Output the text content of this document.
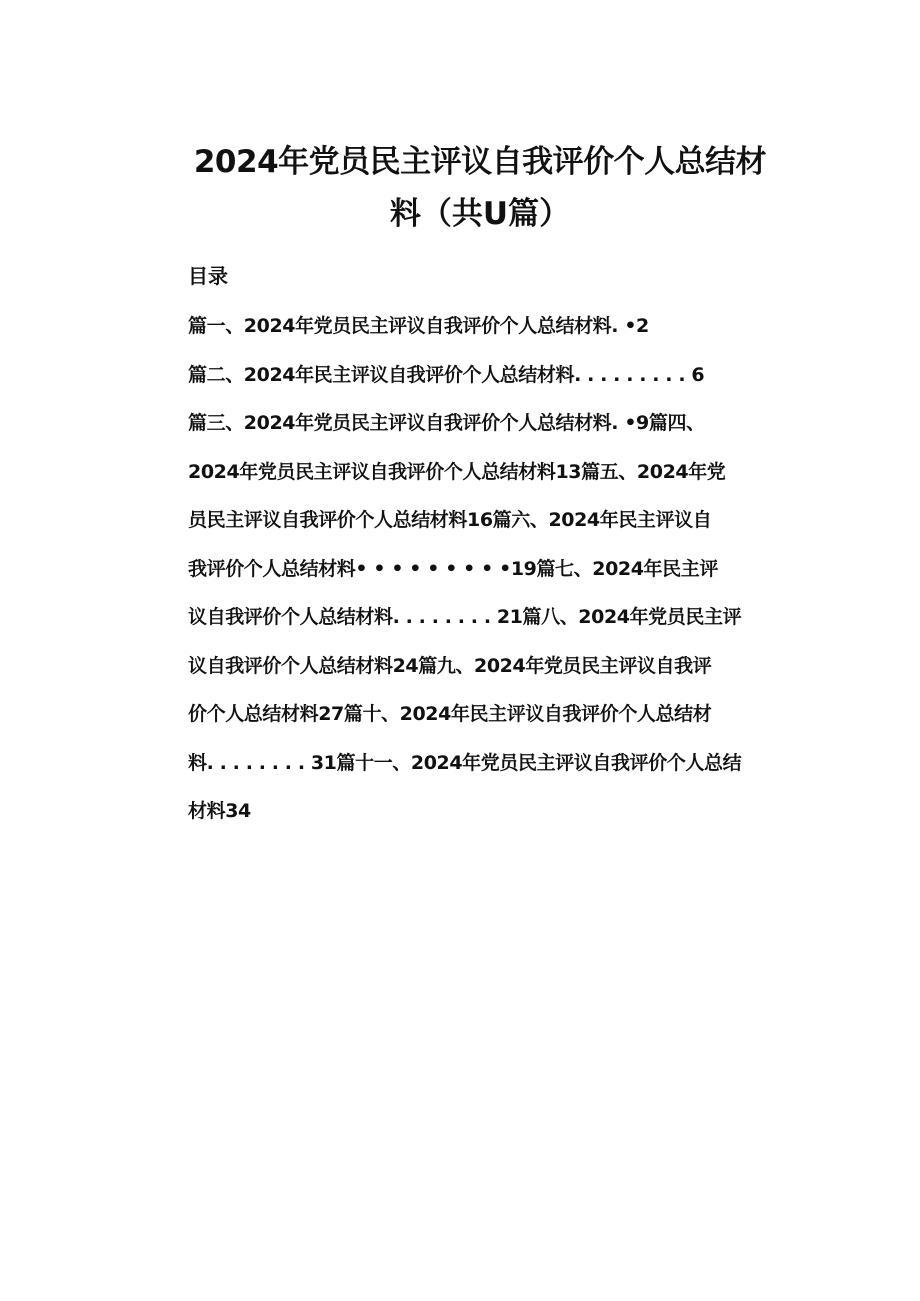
2024年党员民主评议自我评价个人总结材
料（共U篇）
目录
篇一、2024年党员民主评议自我评价个人总结材料. •2
篇二、2024年民主评议自我评价个人总结材料. . . . . . . . . 6
篇三、2024年党员民主评议自我评价个人总结材料. •9篇四、
2024年党员民主评议自我评价个人总结材料13篇五、2024年党
员民主评议自我评价个人总结材料16篇六、2024年民主评议自
我评价个人总结材料• • • • • • • • •19篇七、2024年民主评
议自我评价个人总结材料. . . . . . . . 21篇八、2024年党员民主评
议自我评价个人总结材料24篇九、2024年党员民主评议自我评
价个人总结材料27篇十、2024年民主评议自我评价个人总结材
料. . . . . . . . 31篇十一、2024年党员民主评议自我评价个人总结
材料34
